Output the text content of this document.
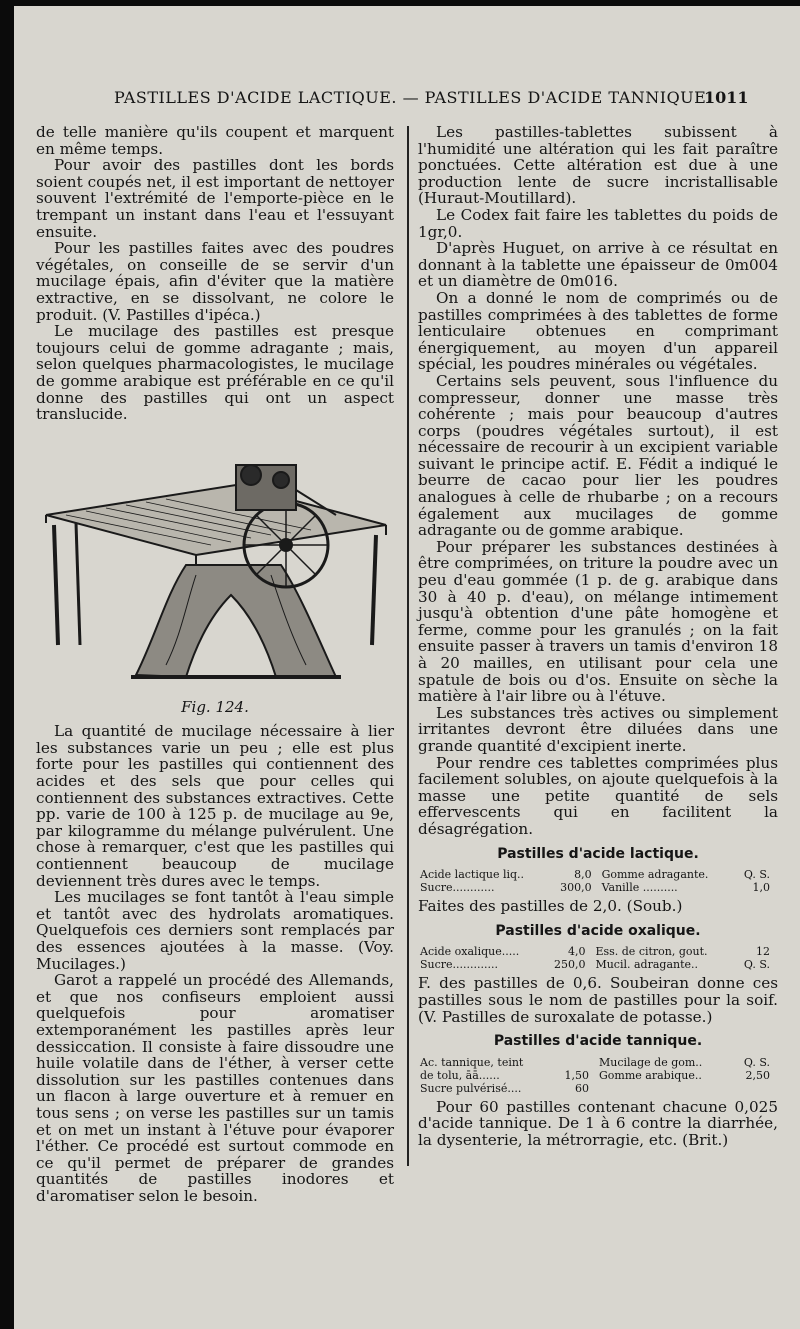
PASTILLES D'ACIDE LACTIQUE. — PASTILLES D'ACIDE TANNIQUE.
1011

de telle manière qu'ils coupent et marquent en même temps.

Pour avoir des pastilles dont les bords soient coupés net, il est important de nettoyer souvent l'extrémité de l'emporte-pièce en le trempant un instant dans l'eau et l'essuyant ensuite.

Pour les pastilles faites avec des poudres végétales, on conseille de se servir d'un mucilage épais, afin d'éviter que la matière extractive, en se dissolvant, ne colore le produit. (V. Pastilles d'ipéca.)

Le mucilage des pastilles est presque toujours celui de gomme adragante ; mais, selon quelques pharmacologistes, le mucilage de gomme arabique est préférable en ce qu'il donne des pastilles qui ont un aspect translucide.

Fig. 124.

La quantité de mucilage nécessaire à lier les substances varie un peu ; elle est plus forte pour les pastilles qui contiennent des acides et des sels que pour celles qui contiennent des substances extractives. Cette pp. varie de 100 à 125 p. de mucilage au 9e, par kilogramme du mélange pulvérulent. Une chose à remarquer, c'est que les pastilles qui contiennent beaucoup de mucilage deviennent très dures avec le temps.

Les mucilages se font tantôt à l'eau simple et tantôt avec des hydrolats aromatiques. Quelquefois ces derniers sont remplacés par des essences ajoutées à la masse. (Voy. Mucilages.)

Garot a rappelé un procédé des Allemands, et que nos confiseurs emploient aussi quelquefois pour aromatiser extemporanément les pastilles après leur dessiccation. Il consiste à faire dissoudre une huile volatile dans de l'éther, à verser cette dissolution sur les pastilles contenues dans un flacon à large ouverture et à remuer en tous sens ; on verse les pastilles sur un tamis et on met un instant à l'étuve pour évaporer l'éther. Ce procédé est surtout commode en ce qu'il permet de préparer de grandes quantités de pastilles inodores et d'aromatiser selon le besoin.

Les pastilles-tablettes subissent à l'humidité une altération qui les fait paraître ponctuées. Cette altération est due à une production lente de sucre incristallisable (Huraut-Moutillard).

Le Codex fait faire les tablettes du poids de 1gr,0.

D'après Huguet, on arrive à ce résultat en donnant à la tablette une épaisseur de 0m004 et un diamètre de 0m016.

On a donné le nom de comprimés ou de pastilles comprimées à des tablettes de forme lenticulaire obtenues en comprimant énergiquement, au moyen d'un appareil spécial, les poudres minérales ou végétales.

Certains sels peuvent, sous l'influence du compresseur, donner une masse très cohérente ; mais pour beaucoup d'autres corps (poudres végétales surtout), il est nécessaire de recourir à un excipient variable suivant le principe actif. E. Fédit a indiqué le beurre de cacao pour lier les poudres analogues à celle de rhubarbe ; on a recours également aux mucilages de gomme adragante ou de gomme arabique.

Pour préparer les substances destinées à être comprimées, on triture la poudre avec un peu d'eau gommée (1 p. de g. arabique dans 30 à 40 p. d'eau), on mélange intimement jusqu'à obtention d'une pâte homogène et ferme, comme pour les granulés ; on la fait ensuite passer à travers un tamis d'environ 18 à 20 mailles, en utilisant pour cela une spatule de bois ou d'os. Ensuite on sèche la matière à l'air libre ou à l'étuve.

Les substances très actives ou simplement irritantes devront être diluées dans une grande quantité d'excipient inerte.

Pour rendre ces tablettes comprimées plus facilement solubles, on ajoute quelquefois à la masse une petite quantité de sels effervescents qui en facilitent la désagrégation.

Pastilles d'acide lactique.
Acide lactique liq..	8,0	Gomme adragante.	Q. S.
Sucre............	300,0	Vanille ..........	1,0

Faites des pastilles de 2,0. (Soub.)

Pastilles d'acide oxalique.
Acide oxalique.....	4,0	Ess. de citron, gout.	12
Sucre.............	250,0	Mucil. adragante..	Q. S.

F. des pastilles de 0,6. Soubeiran donne ces pastilles sous le nom de pastilles pour la soif. (V. Pastilles de suroxalate de potasse.)

Pastilles d'acide tannique.
Ac. tannique, teint		Mucilage de gom..	Q. S.
de tolu, āā......	1,50	Gomme arabique..	2,50
Sucre pulvérisé....	60		

Pour 60 pastilles contenant chacune 0,025 d'acide tannique. De 1 à 6 contre la diarrhée, la dysenterie, la métrorragie, etc. (Brit.)
